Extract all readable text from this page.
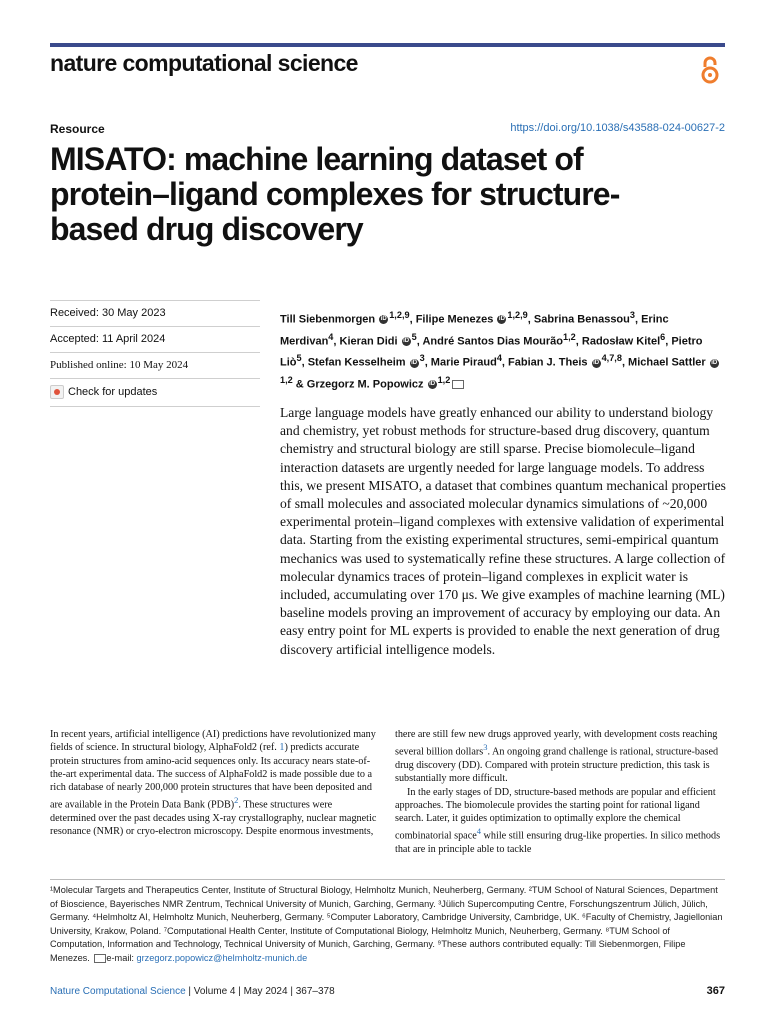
nature computational science
Resource	https://doi.org/10.1038/s43588-024-00627-2
MISATO: machine learning dataset of protein–ligand complexes for structure-based drug discovery
Received: 30 May 2023
Accepted: 11 April 2024
Published online: 10 May 2024
Check for updates
Till Siebenmorgen iD $^{1,2,9}$, Filipe Menezes iD $^{1,2,9}$, Sabrina Benassou$^3$, Erinc Merdivan$^4$, Kieran Didi iD $^5$, André Santos Dias Mourão$^{1,2}$, Radosław Kitel$^6$, Pietro Liò$^5$, Stefan Kesselheim iD $^3$, Marie Piraud$^4$, Fabian J. Theis iD $^{4,7,8}$, Michael Sattler iD$^{1,2}$ & Grzegorz M. Popowicz iD $^{1,2}$

Large language models have greatly enhanced our ability to understand biology and chemistry, yet robust methods for structure-based drug discovery, quantum chemistry and structural biology are still sparse. Precise biomolecule–ligand interaction datasets are urgently needed for large language models. To address this, we present MISATO, a dataset that combines quantum mechanical properties of small molecules and associated molecular dynamics simulations of ~20,000 experimental protein–ligand complexes with extensive validation of experimental data. Starting from the existing experimental structures, semi-empirical quantum mechanics was used to systematically refine these structures. A large collection of molecular dynamics traces of protein–ligand complexes in explicit water is included, accumulating over 170 μs. We give examples of machine learning (ML) baseline models proving an improvement of accuracy by employing our data. An easy entry point for ML experts is provided to enable the next generation of drug discovery artificial intelligence models.

In recent years, artificial intelligence (AI) predictions have revolutionized many fields of science. In structural biology, AlphaFold2 (ref. 1) predicts accurate protein structures from amino-acid sequences only. Its accuracy nears state-of-the-art experimental data. The success of AlphaFold2 is made possible due to a rich database of nearly 200,000 protein structures that have been deposited and are available in the Protein Data Bank (PDB)$^2$. These structures were determined over the past decades using X-ray crystallography, nuclear magnetic resonance (NMR) or cryo-electron microscopy. Despite enormous investments,

there are still few new drugs approved yearly, with development costs reaching several billion dollars$^3$. An ongoing grand challenge is rational, structure-based drug discovery (DD). Compared with protein structure prediction, this task is substantially more difficult.

In the early stages of DD, structure-based methods are popular and efficient approaches. The biomolecule provides the starting point for rational ligand search. Later, it guides optimization to optimally explore the chemical combinatorial space$^4$ while still ensuring drug-like properties. In silico methods that are in principle able to tackle

¹Molecular Targets and Therapeutics Center, Institute of Structural Biology, Helmholtz Munich, Neuherberg, Germany. ²TUM School of Natural Sciences, Department of Bioscience, Bayerisches NMR Zentrum, Technical University of Munich, Garching, Germany. ³Jülich Supercomputing Centre, Forschungszentrum Jülich, Jülich, Germany. ⁴Helmholtz AI, Helmholtz Munich, Neuherberg, Germany. ⁵Computer Laboratory, Cambridge University, Cambridge, UK. ⁶Faculty of Chemistry, Jagiellonian University, Krakow, Poland. ⁷Computational Health Center, Institute of Computational Biology, Helmholtz Munich, Neuherberg, Germany. ⁸TUM School of Computation, Information and Technology, Technical University of Munich, Garching, Germany. ⁹These authors contributed equally: Till Siebenmorgen, Filipe Menezes. e-mail: grzegorz.popowicz@helmholtz-munich.de

Nature Computational Science | Volume 4 | May 2024 | 367–378	367
